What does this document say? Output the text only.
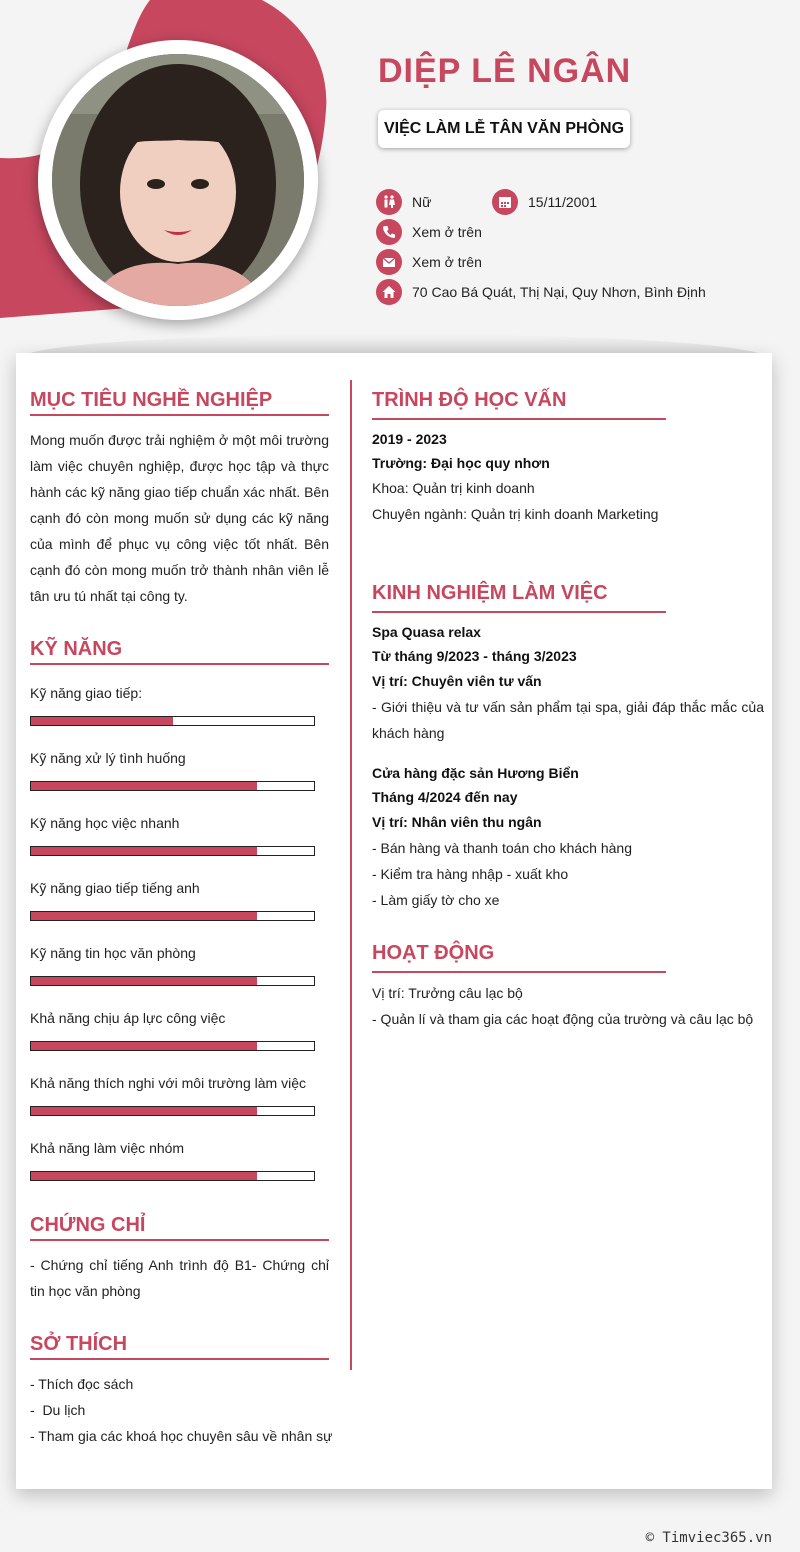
DIỆP LÊ NGÂN
VIỆC LÀM LỄ TÂN VĂN PHÒNG
Nữ	15/11/2001
Xem ở trên
Xem ở trên
70 Cao Bá Quát, Thị Nại, Quy Nhơn, Bình Định
MỤC TIÊU NGHỀ NGHIỆP
Mong muốn được trải nghiệm ở một môi trường làm việc chuyên nghiệp, được học tập và thực hành các kỹ năng giao tiếp chuẩn xác nhất. Bên cạnh đó còn mong muốn sử dụng các kỹ năng của mình để phục vụ công việc tốt nhất. Bên cạnh đó còn mong muốn trở thành nhân viên lễ tân ưu tú nhất tại công ty.
KỸ NĂNG
Kỹ năng giao tiếp:
Kỹ năng xử lý tình huống
Kỹ năng học việc nhanh
Kỹ năng giao tiếp tiếng anh
Kỹ năng tin học văn phòng
Khả năng chịu áp lực công việc
Khả năng thích nghi với môi trường làm việc
Khả năng làm việc nhóm
CHỨNG CHỈ
- Chứng chỉ tiếng Anh trình độ B1- Chứng chỉ tin học văn phòng
SỞ THÍCH
- Thích đọc sách
-  Du lịch
- Tham gia các khoá học chuyên sâu về nhân sự
TRÌNH ĐỘ HỌC VẤN
2019 - 2023
Trường: Đại học quy nhơn
Khoa: Quản trị kinh doanh
Chuyên ngành: Quản trị kinh doanh Marketing
KINH NGHIỆM LÀM VIỆC
Spa Quasa relax
Từ tháng 9/2023 - tháng 3/2023
Vị trí: Chuyên viên tư vấn
- Giới thiệu và tư vấn sản phẩm tại spa, giải đáp thắc mắc của khách hàng
Cửa hàng đặc sản Hương Biển
Tháng 4/2024 đến nay
Vị trí: Nhân viên thu ngân
- Bán hàng và thanh toán cho khách hàng
- Kiểm tra hàng nhập - xuất kho
- Làm giấy tờ cho xe
HOẠT ĐỘNG
Vị trí: Trưởng câu lạc bộ
- Quản lí và tham gia các hoạt động của trường và câu lạc bộ
© Timviec365.vn
